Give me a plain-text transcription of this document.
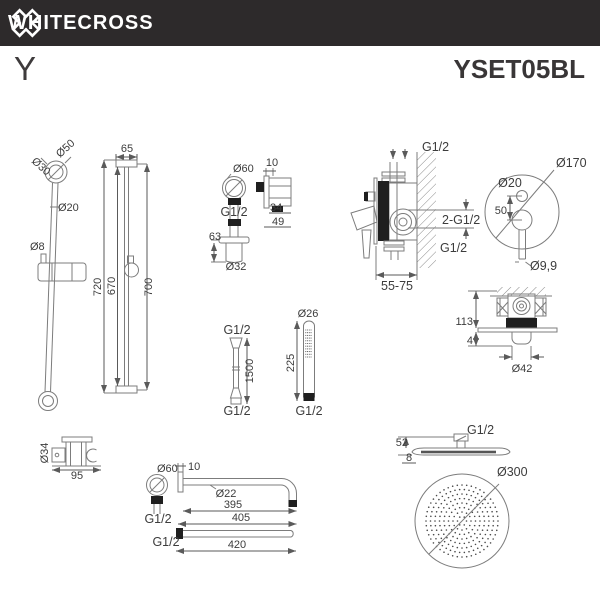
WHITECROSS
Y	YSET05BL
Ø30
Ø50
Ø20
Ø8
65
720 670 700
Ø60
G1/2
63
Ø32
10
34
49
G1/2
2-G1/2
G1/2
55-75
Ø170
Ø20
50
Ø9,9
113
4
Ø42
G1/2
1500
G1/2
Ø26
225
G1/2
Ø34
95
Ø60
G1/2
10
Ø22
395
405
G1/2	420
G1/2
52
8
Ø300
